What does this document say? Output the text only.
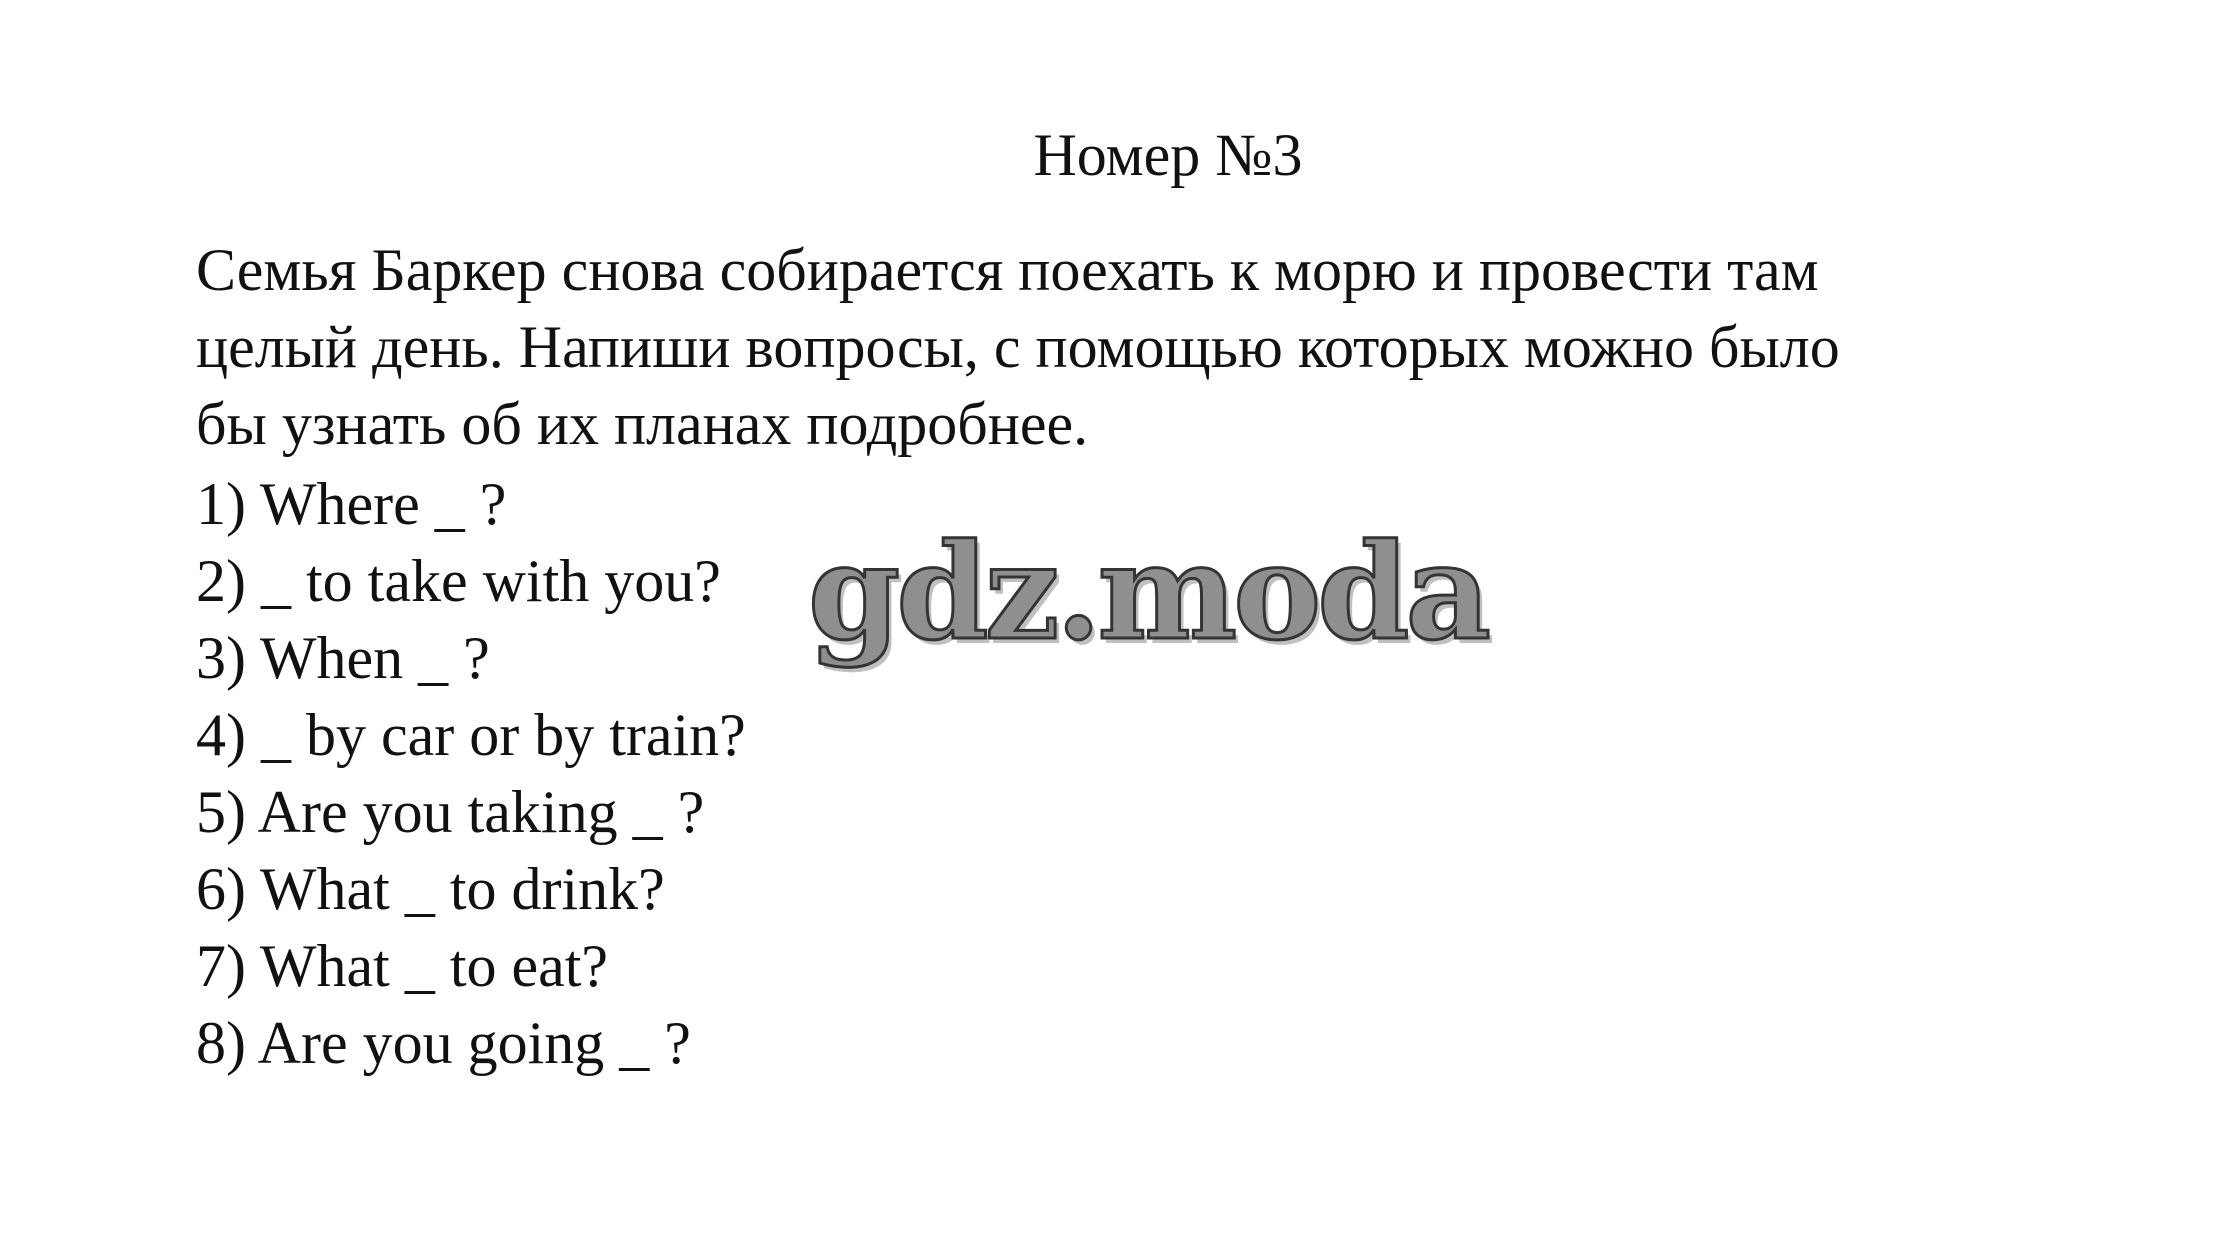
Номер №3

Семья Баркер снова собирается поехать к морю и провести там

целый день. Напиши вопросы, с помощью которых можно было

бы узнать об их планах подробнее.

1) Where _ ?
2) _ to take with you?
3) When _ ?
4) _ by car or by train?
5) Are you taking _ ?
6) What _ to drink?
7) What _ to eat?
8) Are you going _ ?
gdz.moda
